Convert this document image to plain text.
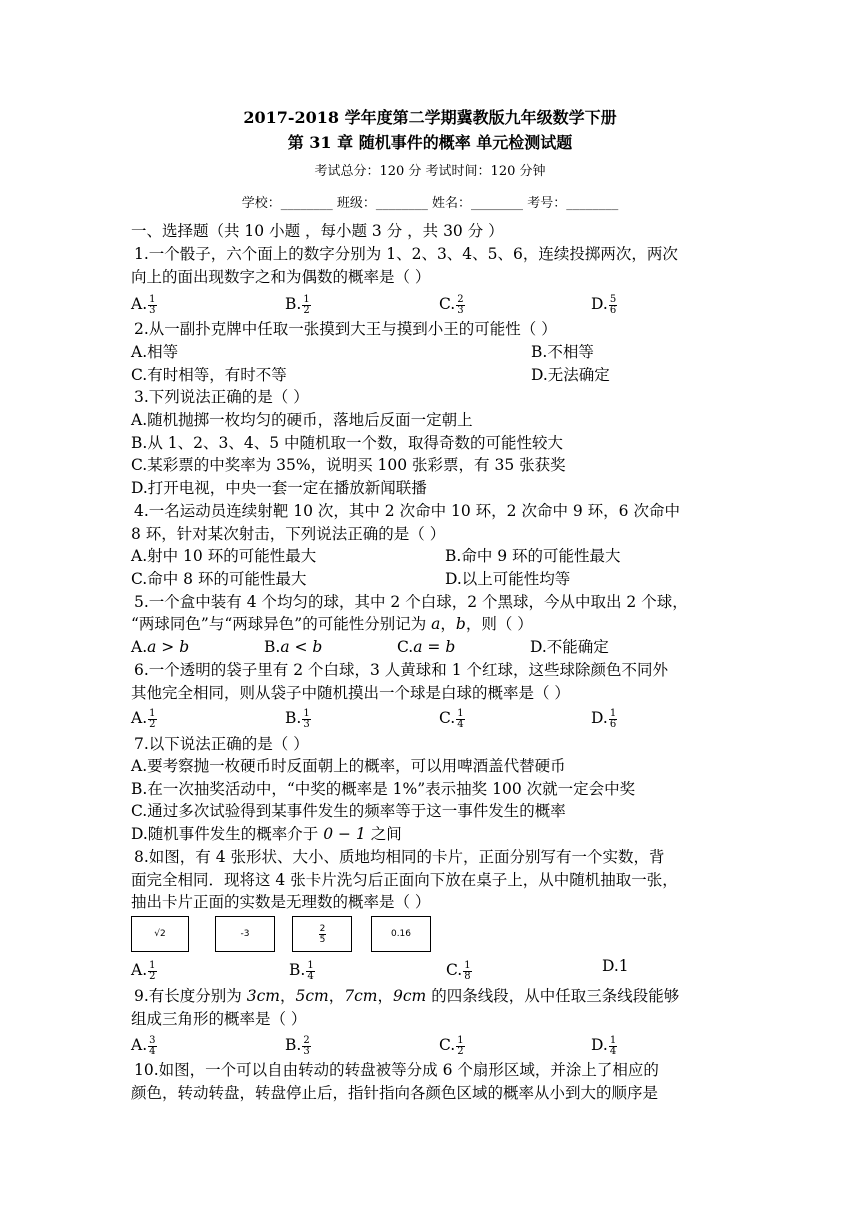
2017-2018 学年度第二学期冀教版九年级数学下册
第 31 章 随机事件的概率 单元检测试题
考试总分：120 分 考试时间：120 分钟
学校：________ 班级：________ 姓名：________ 考号：________
一、选择题（共 10 小题 ，每小题 3 分 ，共 30 分 ）
1.一个骰子，六个面上的数字分别为 1、2、3、4、5、6，连续投掷两次，两次
向上的面出现数字之和为偶数的概率是（ ）
A. $\frac{1}{3}$	B. $\frac{1}{2}$	C. $\frac{2}{3}$	D. $\frac{5}{6}$
2.从一副扑克牌中任取一张摸到大王与摸到小王的可能性（ ）
A.相等	B.不相等
C.有时相等，有时不等	D.无法确定
3.下列说法正确的是（ ）
A.随机抛掷一枚均匀的硬币，落地后反面一定朝上
B.从 1、2、3、4、5 中随机取一个数，取得奇数的可能性较大
C.某彩票的中奖率为 35%，说明买 100 张彩票，有 35 张获奖
D.打开电视，中央一套一定在播放新闻联播
4.一名运动员连续射靶 10 次，其中 2 次命中 10 环，2 次命中 9 环，6 次命中
8 环，针对某次射击，下列说法正确的是（ ）
A.射中 10 环的可能性最大	B.命中 9 环的可能性最大
C.命中 8 环的可能性最大	D.以上可能性均等
5.一个盒中装有 4 个均匀的球，其中 2 个白球，2 个黑球，今从中取出 2 个球，
“两球同色”与“两球异色”的可能性分别记为 a，b，则（ ）
A.a > b	B.a < b	C.a = b	D.不能确定
6.一个透明的袋子里有 2 个白球，3 人黄球和 1 个红球，这些球除颜色不同外
其他完全相同，则从袋子中随机摸出一个球是白球的概率是（ ）
A. $\frac{1}{2}$	B. $\frac{1}{3}$	C. $\frac{1}{4}$	D. $\frac{1}{6}$
7.以下说法正确的是（ ）
A.要考察抛一枚硬币时反面朝上的概率，可以用啤酒盖代替硬币
B.在一次抽奖活动中，“中奖的概率是 1%”表示抽奖 100 次就一定会中奖
C.通过多次试验得到某事件发生的频率等于这一事件发生的概率
D.随机事件发生的概率介于 0 − 1 之间
8.如图，有 4 张形状、大小、质地均相同的卡片，正面分别写有一个实数，背
面完全相同．现将这 4 张卡片洗匀后正面向下放在桌子上，从中随机抽取一张，
抽出卡片正面的实数是无理数的概率是（ ）
√2	-3	$\frac{2}{5}$	0.16
A. $\frac{1}{2}$	B. $\frac{1}{4}$	C. $\frac{1}{8}$	D.1
9.有长度分别为 3cm，5cm，7cm，9cm 的四条线段，从中任取三条线段能够
组成三角形的概率是（ ）
A. $\frac{3}{4}$	B. $\frac{2}{3}$	C. $\frac{1}{2}$	D. $\frac{1}{4}$
10.如图，一个可以自由转动的转盘被等分成 6 个扇形区域，并涂上了相应的
颜色，转动转盘，转盘停止后，指针指向各颜色区域的概率从小到大的顺序是
